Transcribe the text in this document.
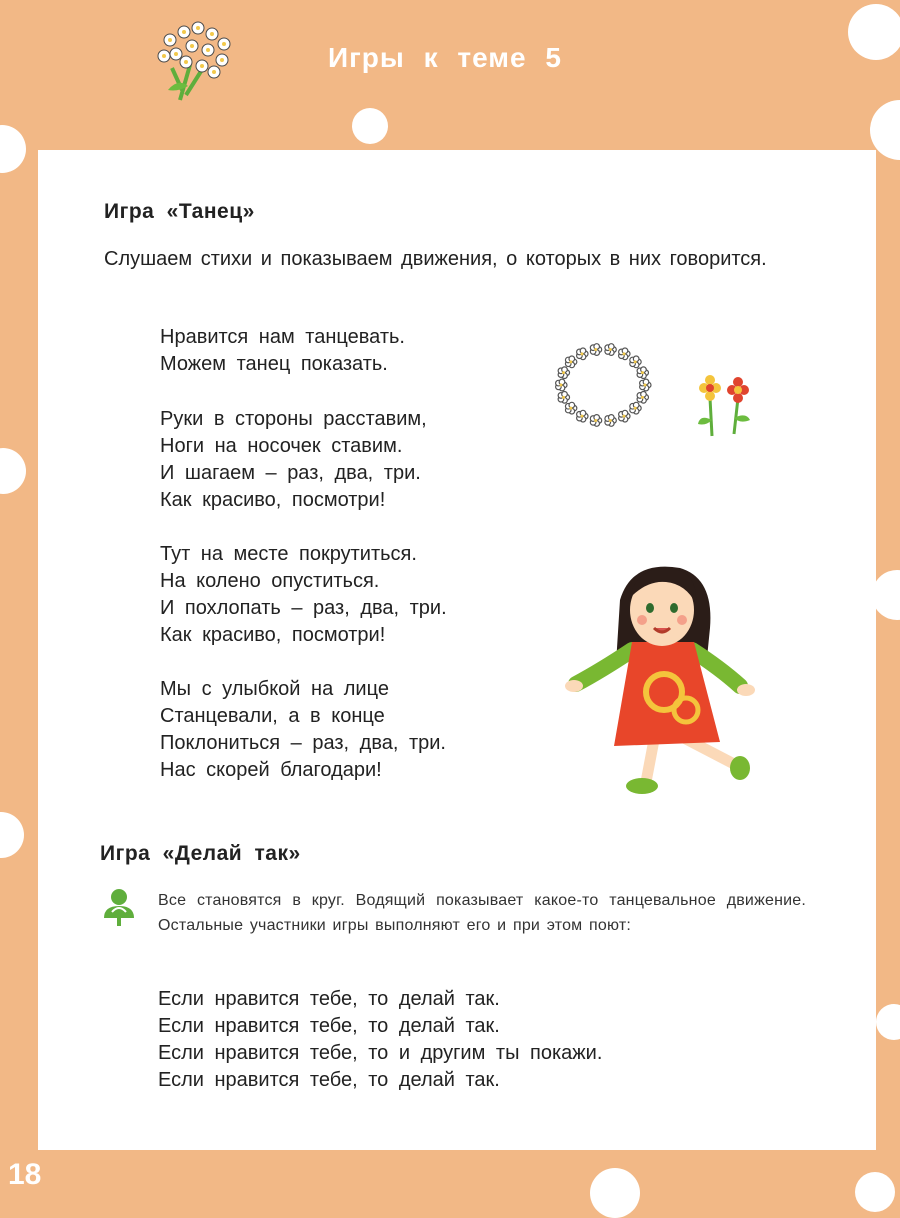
Игры к теме 5
Игра «Танец»
Слушаем стихи и показываем движения, о которых в них говорится.
Нравится нам танцевать.
Можем танец показать.
Руки в стороны расставим,
Ноги на носочек ставим.
И шагаем – раз, два, три.
Как красиво, посмотри!
Тут на месте покрутиться.
На колено опуститься.
И похлопать – раз, два, три.
Как красиво, посмотри!
Мы с улыбкой на лице
Станцевали, а в конце
Поклониться – раз, два, три.
Нас скорей благодари!
Игра «Делай так»
Все становятся в круг. Водящий показывает какое-то танцевальное движение. Остальные участники игры выполняют его и при этом поют:
Если нравится тебе, то делай так.
Если нравится тебе, то делай так.
Если нравится тебе, то и другим ты покажи.
Если нравится тебе, то делай так.
18
